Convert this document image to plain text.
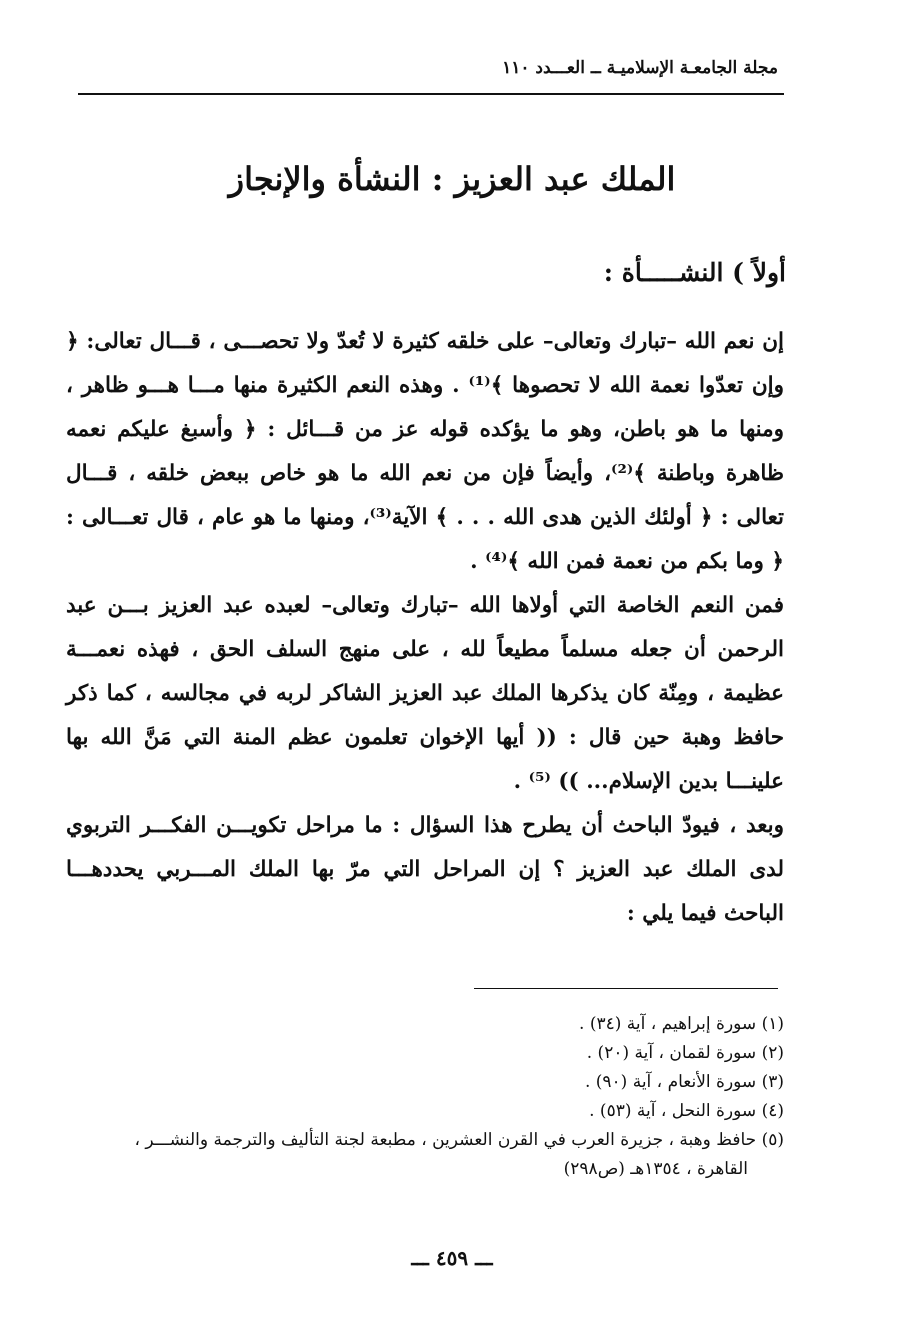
مجلة الجامعـة الإسلاميـة ــ العـــدد ١١٠
الملك عبد العزيز : النشأة والإنجاز
أولاً ) النشـــــأة :

إن نعم الله –تبارك وتعالى– على خلقه كثيرة لا تُعدّ ولا تحصـــى ، قـــال تعالى: ﴿ وإن تعدّوا نعمة الله لا تحصوها ﴾⁽¹⁾ . وهذه النعم الكثيرة منها مـــا هـــو ظاهر ، ومنها ما هو باطن، وهو ما يؤكده قوله عز من قـــائل : ﴿ وأسبغ عليكم نعمه ظاهرة وباطنة ﴾⁽²⁾، وأيضاً فإن من نعم الله ما هو خاص ببعض خلقه ، قـــال تعالى : ﴿ أولئك الذين هدى الله . . . ﴾ الآية⁽³⁾، ومنها ما هو عام ، قال تعـــالى : ﴿ وما بكم من نعمة فمن الله ﴾⁽⁴⁾ .

فمن النعم الخاصة التي أولاها الله –تبارك وتعالى– لعبده عبد العزيز بـــن عبد الرحمن أن جعله مسلماً مطيعاً لله ، على منهج السلف الحق ، فهذه نعمـــة عظيمة ، ومِنّة كان يذكرها الملك عبد العزيز الشاكر لربه في مجالسه ، كما ذكر حافظ وهبة حين قال : (( أيها الإخوان تعلمون عظم المنة التي مَنَّ الله بها علينـــا بدين الإسلام... )) ⁽⁵⁾ .

وبعد ، فيودّ الباحث أن يطرح هذا السؤال : ما مراحل تكويـــن الفكـــر التربوي لدى الملك عبد العزيز ؟ إن المراحل التي مرّ بها الملك المـــربي يحددهـــا الباحث فيما يلي :

(١) سورة إبراهيم ، آية (٣٤) .

(٢) سورة لقمان ، آية (٢٠) .

(٣) سورة الأنعام ، آية (٩٠) .

(٤) سورة النحل ، آية (٥٣) .

(٥) حافظ وهبة ، جزيرة العرب في القرن العشرين ، مطبعة لجنة التأليف والترجمة والنشـــر ،

القاهرة ، ١٣٥٤هـ (ص٢٩٨)

ـــ ٤٥٩ ـــ
